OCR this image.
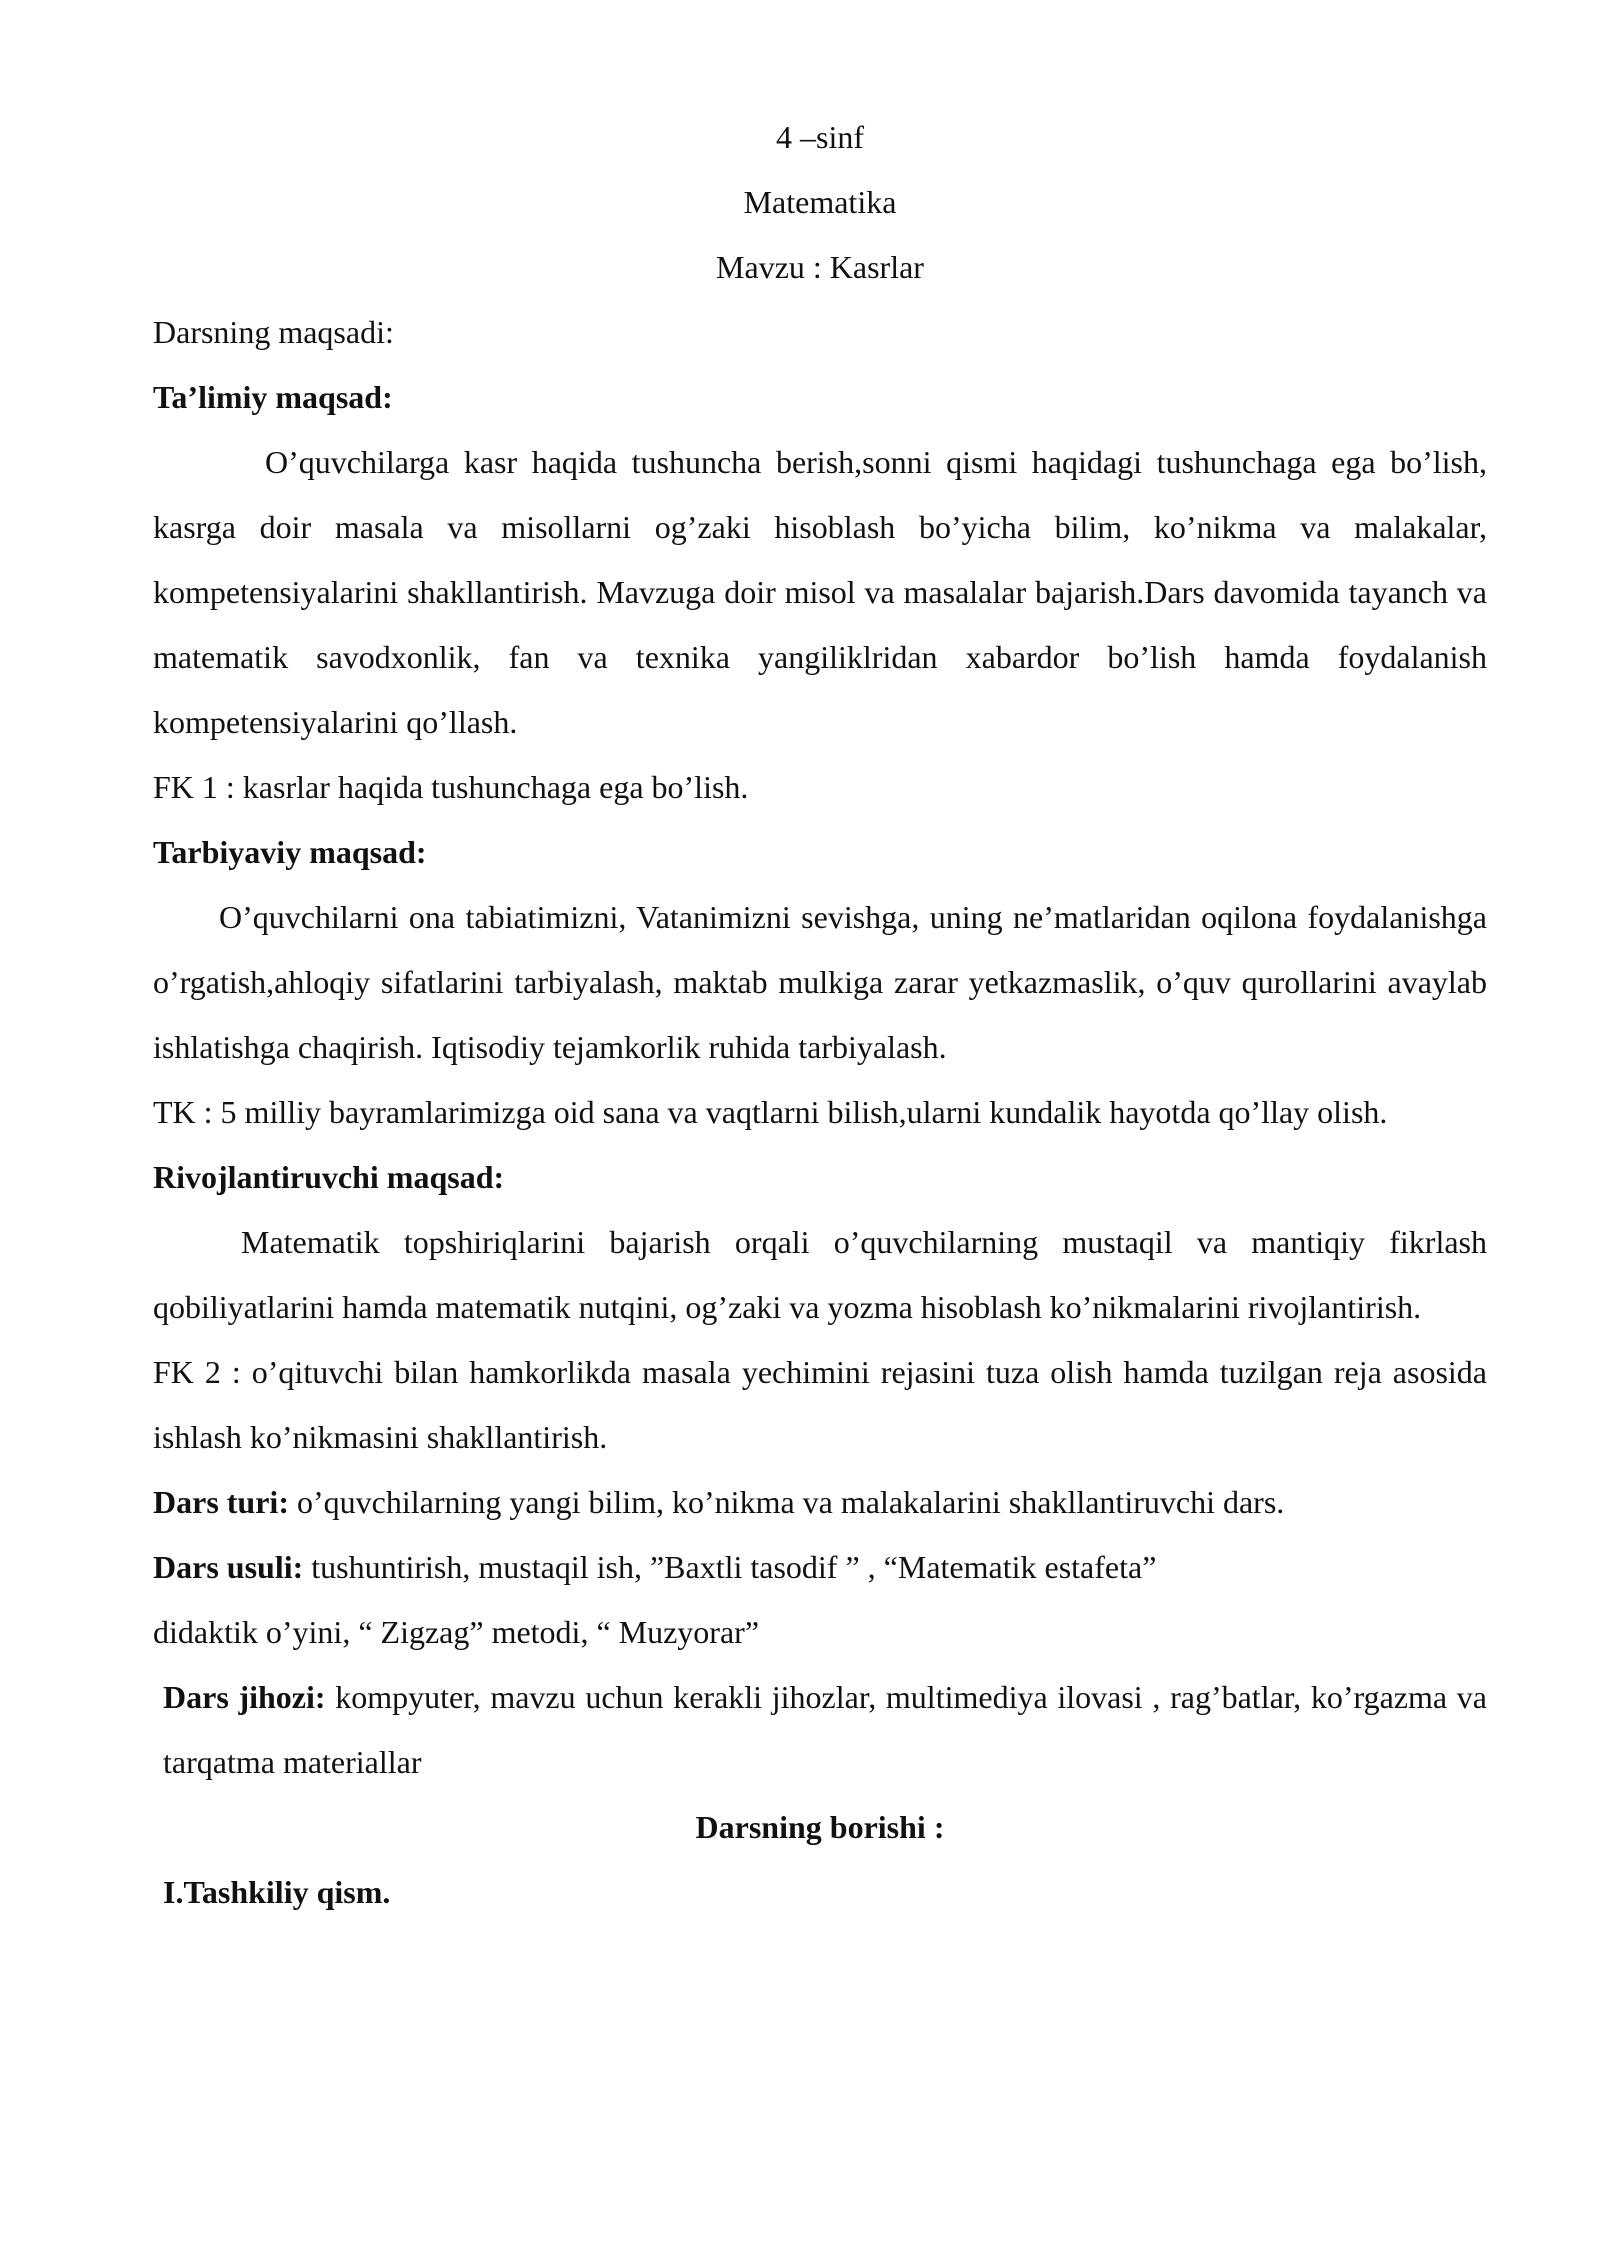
4 –sinf

Matematika

Mavzu : Kasrlar

Darsning maqsadi:

Ta’limiy maqsad:

O’quvchilarga kasr haqida tushuncha berish,sonni qismi haqidagi tushunchaga ega bo’lish, kasrga doir masala va misollarni og’zaki hisoblash bo’yicha bilim, ko’nikma va malakalar, kompetensiyalarini shakllantirish. Mavzuga doir misol va masalalar bajarish.Dars davomida tayanch va matematik savodxonlik, fan va texnika yangiliklridan xabardor bo’lish hamda foydalanish kompetensiyalarini qo’llash.

FK 1 : kasrlar haqida tushunchaga ega bo’lish.

Tarbiyaviy maqsad:

O’quvchilarni ona tabiatimizni, Vatanimizni sevishga, uning ne’matlaridan oqilona foydalanishga o’rgatish,ahloqiy sifatlarini tarbiyalash, maktab mulkiga zarar yetkazmaslik, o’quv qurollarini avaylab ishlatishga chaqirish. Iqtisodiy tejamkorlik ruhida tarbiyalash.

TK : 5 milliy bayramlarimizga oid sana va vaqtlarni bilish,ularni kundalik hayotda qo’llay olish.

Rivojlantiruvchi maqsad:

Matematik topshiriqlarini bajarish orqali o’quvchilarning mustaqil va mantiqiy fikrlash qobiliyatlarini hamda matematik nutqini, og’zaki va yozma hisoblash ko’nikmalarini rivojlantirish.

FK 2 : o’qituvchi bilan hamkorlikda masala yechimini rejasini tuza olish hamda tuzilgan reja asosida ishlash ko’nikmasini shakllantirish.

Dars turi: o’quvchilarning yangi bilim, ko’nikma va malakalarini shakllantiruvchi dars.

Dars usuli: tushuntirish, mustaqil ish, ”Baxtli tasodif ” , “Matematik estafeta”

didaktik o’yini, “ Zigzag” metodi, “ Muzyorar”

Dars jihozi: kompyuter, mavzu uchun kerakli jihozlar, multimediya ilovasi , rag’batlar, ko’rgazma va tarqatma materiallar

Darsning borishi :

I.Tashkiliy qism.
